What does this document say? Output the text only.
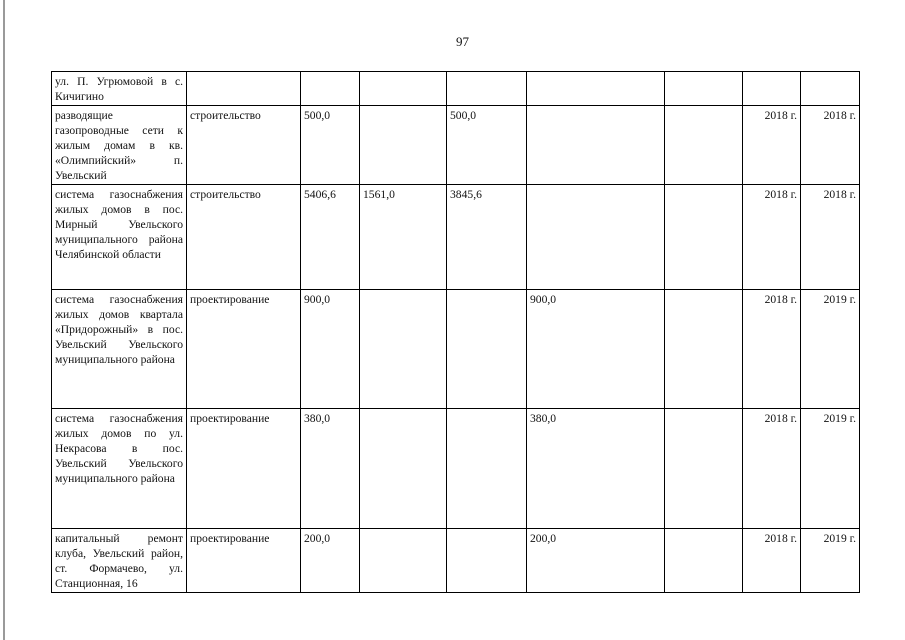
97
ул. П. Угрюмовой в с. Кичигино								
разводящие газопроводные сети к жилым домам в кв. «Олимпийский» п. Увельский	строительство	500,0		500,0			2018 г.	2018 г.
система газоснабжения жилых домов в пос. Мирный Увельского муниципального района Челябинской области	строительство	5406,6	1561,0	3845,6			2018 г.	2018 г.
система газоснабжения жилых домов квартала «Придорожный» в пос. Увельский Увельского муниципального района	проектирование	900,0			900,0		2018 г.	2019 г.
система газоснабжения жилых домов по ул. Некрасова в пос. Увельский Увельского муниципального района	проектирование	380,0			380,0		2018 г.	2019 г.
капитальный ремонт клуба, Увельский район, ст. Формачево, ул. Станционная, 16	проектирование	200,0			200,0		2018 г.	2019 г.
